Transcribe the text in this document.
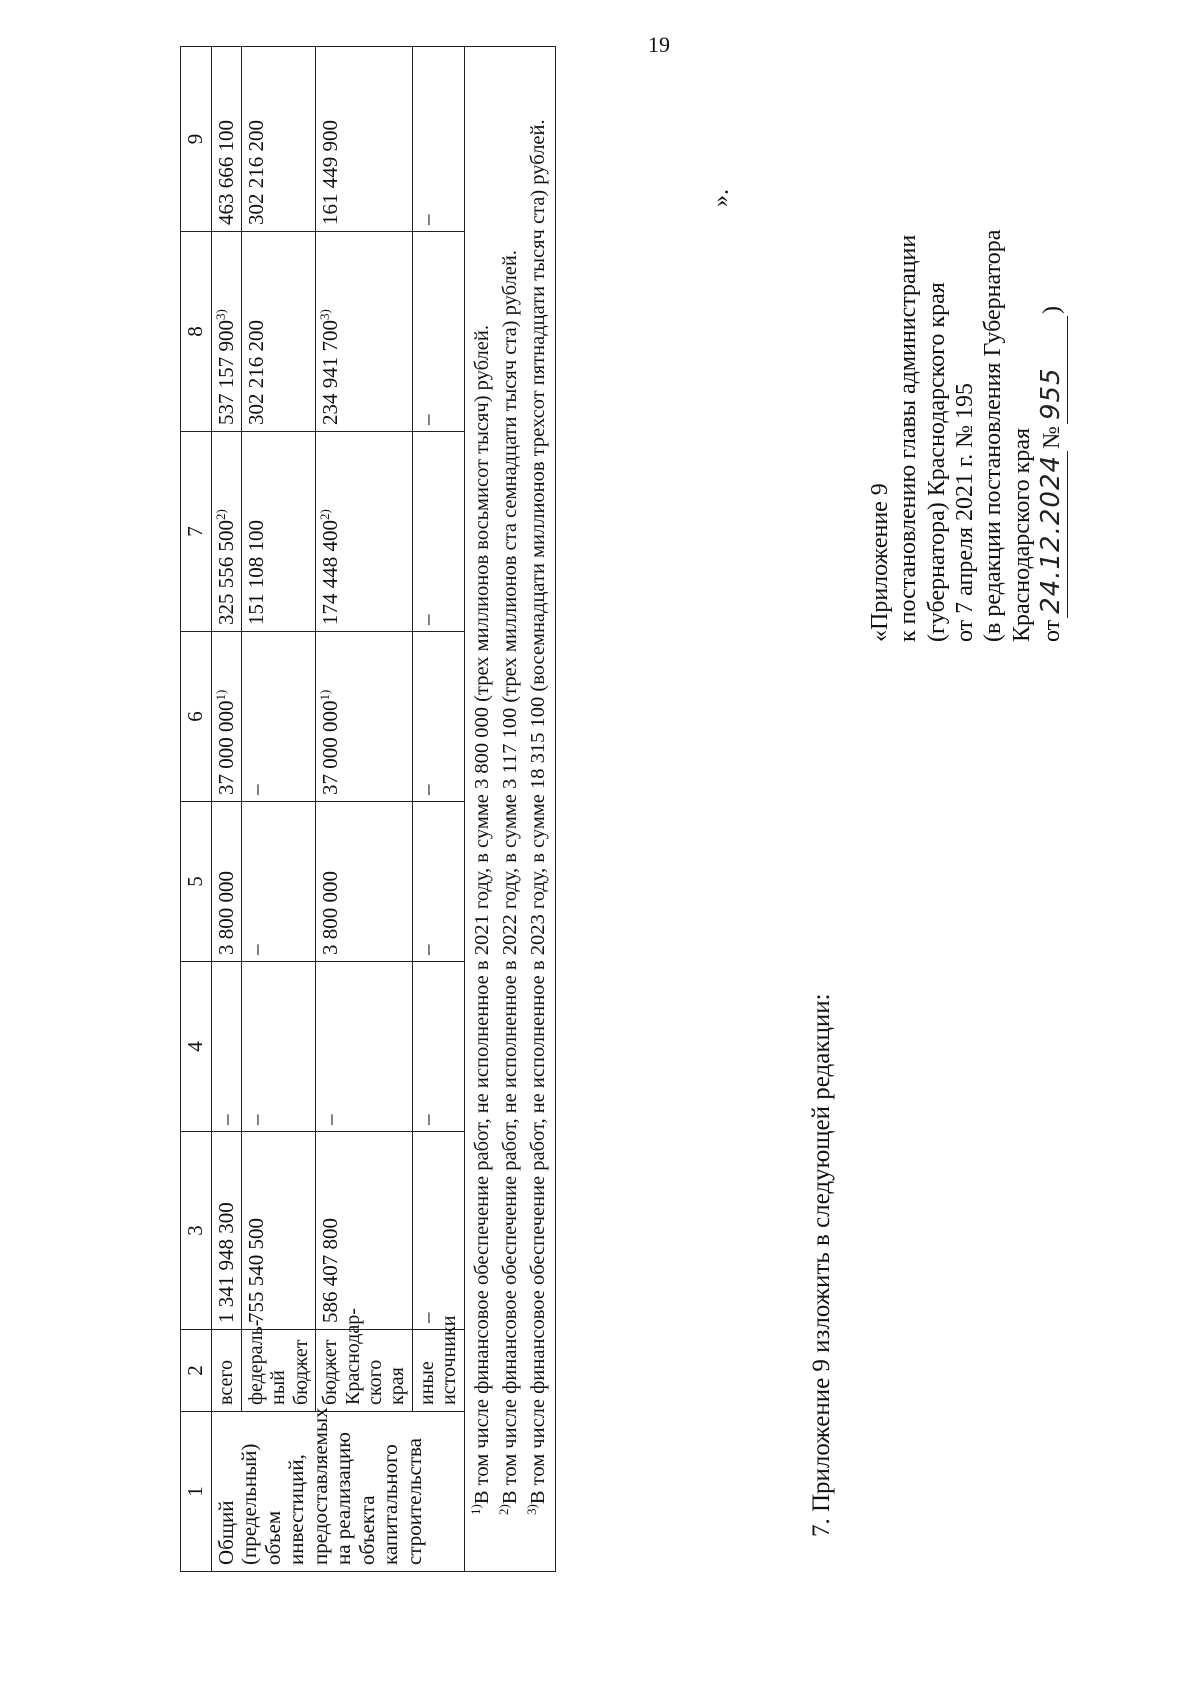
19
1	2	3	4	5	6	7	8	9
Общий (предельный) объем инвестиций, предоставляемых на реализацию объекта капитального строительства	всего	1 341 948 300	–	3 800 000	37 000 000$^{1)}$	325 556 500$^{2)}$	537 157 900$^{3)}$	463 666 100
	федераль-ный бюджет	755 540 500	–	–	–	151 108 100	302 216 200	302 216 200
	бюджет Краснодар-ского края	586 407 800	–	3 800 000	37 000 000$^{1)}$	174 448 400$^{2)}$	234 941 700$^{3)}$	161 449 900
	иные источники	–	–	–	–	–	–	–

$^{1)}$В том числе финансовое обеспечение работ, не исполненное в 2021 году, в сумме 3 800 000 (трех миллионов восьмисот тысяч) рублей.

$^{2)}$В том числе финансовое обеспечение работ, не исполненное в 2022 году, в сумме 3 117 100 (трех миллионов ста семнадцати тысяч ста) рублей.

$^{3)}$В том числе финансовое обеспечение работ, не исполненное в 2023 году, в сумме 18 315 100 (восемнадцати миллионов трехсот пятнадцати тысяч ста) рублей.									».
7. Приложение 9 изложить в следующей редакции:
«Приложение 9 к постановлению главы администрации (губернатора) Краснодарского края от 7 апреля 2021 г. № 195 (в редакции постановления Губернатора Краснодарского края от24.12.2024№955)
